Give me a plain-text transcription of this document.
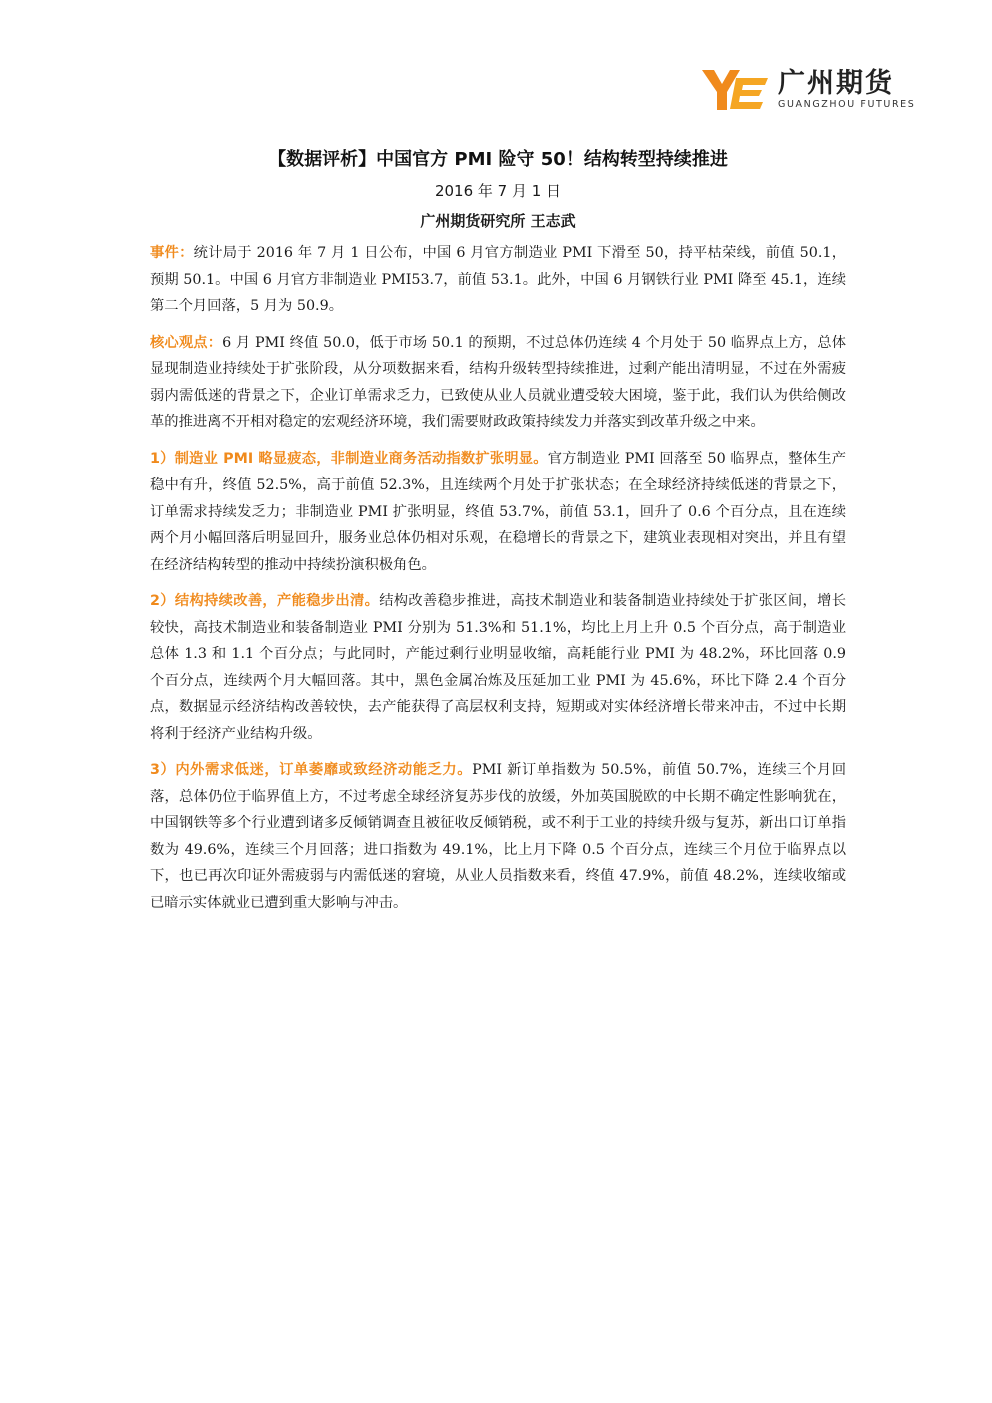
广州期货
GUANGZHOU FUTURES
【数据评析】中国官方 PMI 险守 50！结构转型持续推进
2016 年 7 月 1 日
广州期货研究所 王志武

事件：统计局于 2016 年 7 月 1 日公布，中国 6 月官方制造业 PMI 下滑至 50，持平枯荣线，前值 50.1，预期 50.1。中国 6 月官方非制造业 PMI53.7，前值 53.1。此外，中国 6 月钢铁行业 PMI 降至 45.1，连续第二个月回落，5 月为 50.9。

核心观点：6 月 PMI 终值 50.0，低于市场 50.1 的预期，不过总体仍连续 4 个月处于 50 临界点上方，总体显现制造业持续处于扩张阶段，从分项数据来看，结构升级转型持续推进，过剩产能出清明显，不过在外需疲弱内需低迷的背景之下，企业订单需求乏力，已致使从业人员就业遭受较大困境，鉴于此，我们认为供给侧改革的推进离不开相对稳定的宏观经济环境，我们需要财政政策持续发力并落实到改革升级之中来。

1）制造业 PMI 略显疲态，非制造业商务活动指数扩张明显。官方制造业 PMI 回落至 50 临界点，整体生产稳中有升，终值 52.5%，高于前值 52.3%，且连续两个月处于扩张状态；在全球经济持续低迷的背景之下，订单需求持续发乏力；非制造业 PMI 扩张明显，终值 53.7%，前值 53.1，回升了 0.6 个百分点，且在连续两个月小幅回落后明显回升，服务业总体仍相对乐观，在稳增长的背景之下，建筑业表现相对突出，并且有望在经济结构转型的推动中持续扮演积极角色。

2）结构持续改善，产能稳步出清。结构改善稳步推进，高技术制造业和装备制造业持续处于扩张区间，增长较快，高技术制造业和装备制造业 PMI 分别为 51.3%和 51.1%，均比上月上升 0.5 个百分点，高于制造业总体 1.3 和 1.1 个百分点；与此同时，产能过剩行业明显收缩，高耗能行业 PMI 为 48.2%，环比回落 0.9 个百分点，连续两个月大幅回落。其中，黑色金属冶炼及压延加工业 PMI 为 45.6%，环比下降 2.4 个百分点，数据显示经济结构改善较快，去产能获得了高层权利支持，短期或对实体经济增长带来冲击，不过中长期将利于经济产业结构升级。

3）内外需求低迷，订单萎靡或致经济动能乏力。PMI 新订单指数为 50.5%，前值 50.7%，连续三个月回落，总体仍位于临界值上方，不过考虑全球经济复苏步伐的放缓，外加英国脱欧的中长期不确定性影响犹在，中国钢铁等多个行业遭到诸多反倾销调查且被征收反倾销税，或不利于工业的持续升级与复苏，新出口订单指数为 49.6%，连续三个月回落；进口指数为 49.1%，比上月下降 0.5 个百分点，连续三个月位于临界点以下，也已再次印证外需疲弱与内需低迷的窘境，从业人员指数来看，终值 47.9%，前值 48.2%，连续收缩或已暗示实体就业已遭到重大影响与冲击。
